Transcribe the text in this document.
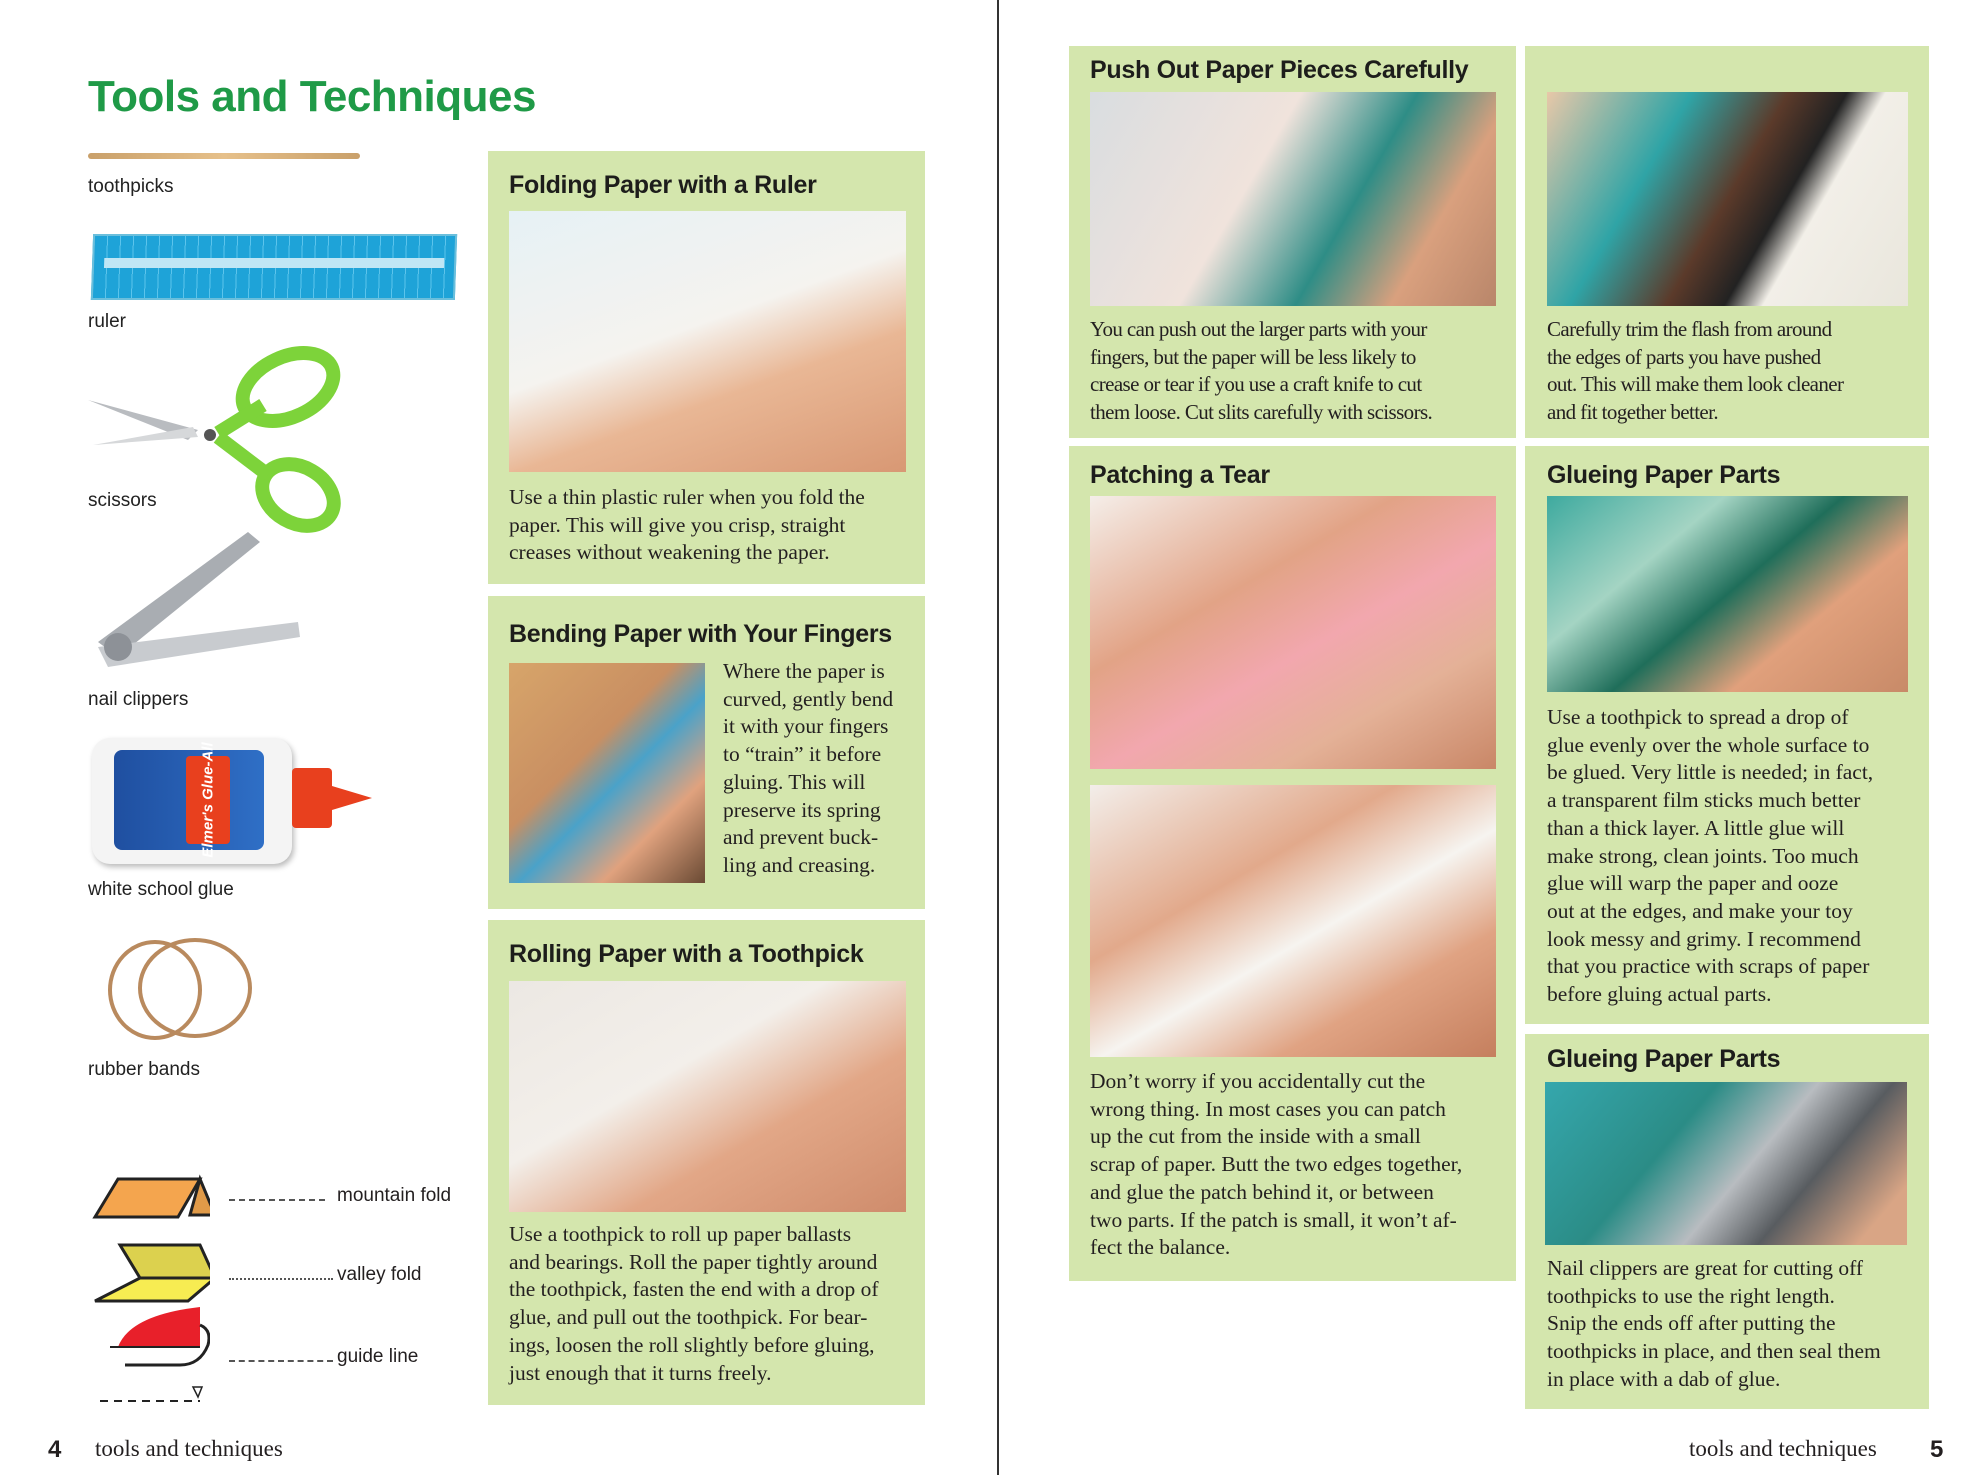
Tools and Techniques
toothpicks
ruler
scissors
nail clippers
Elmer's Glue-All
white school glue
rubber bands
mountain fold
valley fold
guide line
Folding Paper with a Ruler
Use a thin plastic ruler when you fold the
paper. This will give you crisp, straight
creases without weakening the paper.
Bending Paper with Your Fingers
Where the paper is
curved, gently bend
it with your fingers
to “train” it before
gluing. This will
preserve its spring
and prevent buck-
ling and creasing.
Rolling Paper with a Toothpick
Use a toothpick to roll up paper ballasts
and bearings. Roll the paper tightly around
the toothpick, fasten the end with a drop of
glue, and pull out the toothpick. For bear-
ings, loosen the roll slightly before gluing,
just enough that it turns freely.
4 tools and techniques
Push Out Paper Pieces Carefully
You can push out the larger parts with your
fingers, but the paper will be less likely to
crease or tear if you use a craft knife to cut
them loose. Cut slits carefully with scissors.
Carefully trim the flash from around
the edges of parts you have pushed
out. This will make them look cleaner
and fit together better.
Patching a Tear
Don’t worry if you accidentally cut the
wrong thing. In most cases you can patch
up the cut from the inside with a small
scrap of paper. Butt the two edges together,
and glue the patch behind it, or between
two parts. If the patch is small, it won’t af-
fect the balance.
Glueing Paper Parts
Use a toothpick to spread a drop of
glue evenly over the whole surface to
be glued. Very little is needed; in fact,
a transparent film sticks much better
than a thick layer. A little glue will
make strong, clean joints. Too much
glue will warp the paper and ooze
out at the edges, and make your toy
look messy and grimy. I recommend
that you practice with scraps of paper
before gluing actual parts.
Glueing Paper Parts
Nail clippers are great for cutting off
toothpicks to use the right length.
Snip the ends off after putting the
toothpicks in place, and then seal them
in place with a dab of glue.
tools and techniques 5
